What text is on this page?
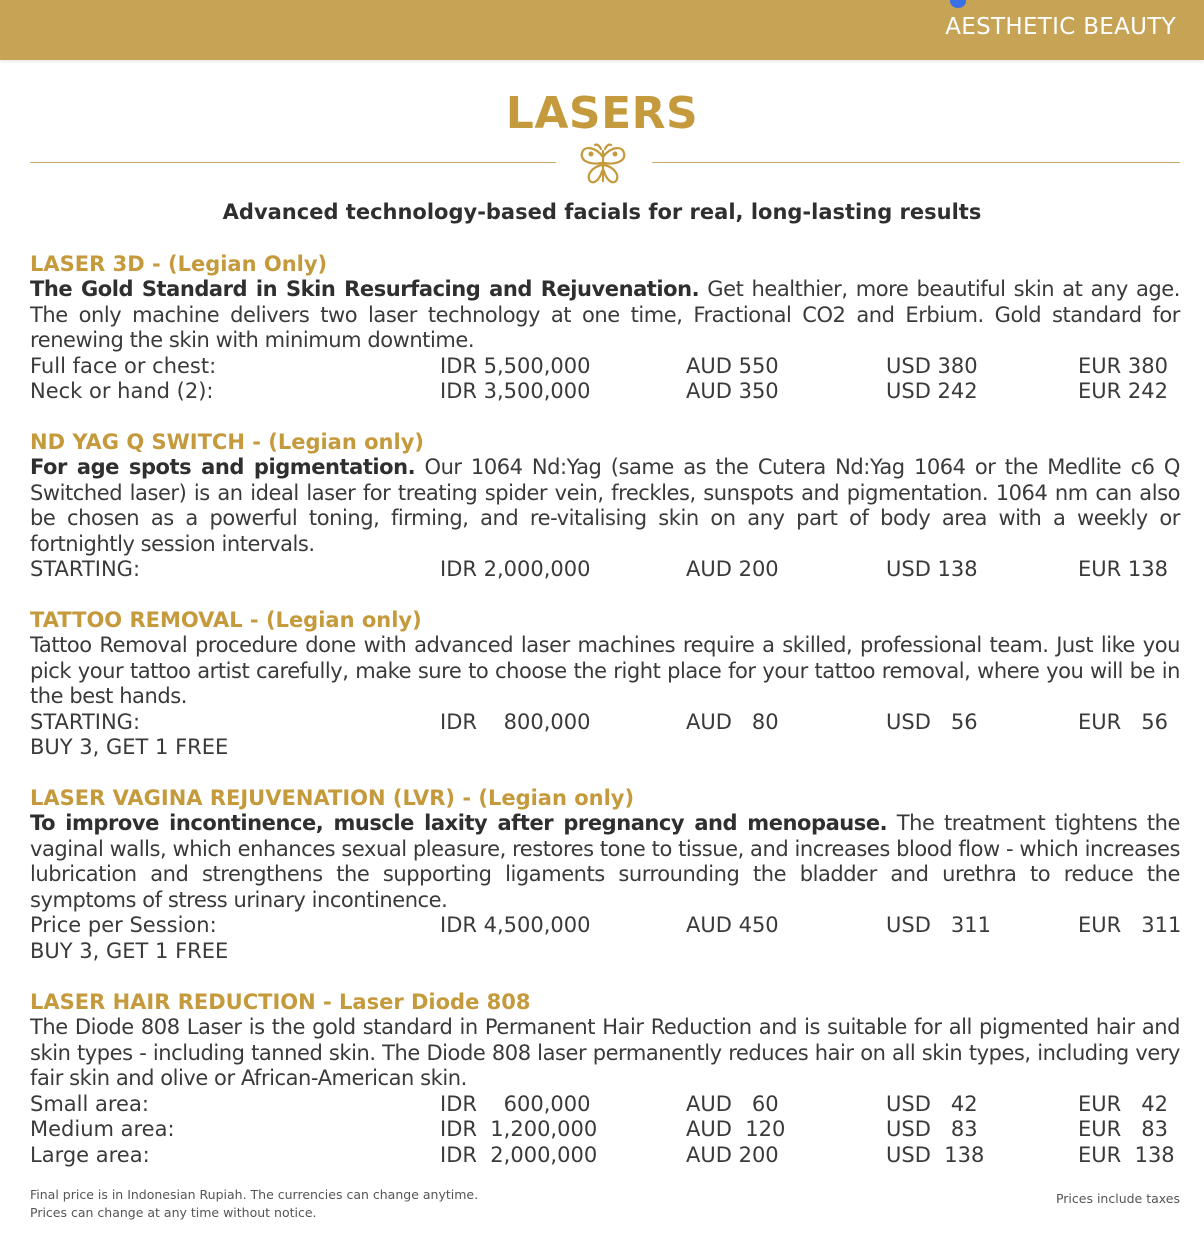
AESTHETIC BEAUTY
LASERS
Advanced technology-based facials for real, long-lasting results
LASER 3D - (Legian Only)
The Gold Standard in Skin Resurfacing and Rejuvenation. Get healthier, more beautiful skin at any age. The only machine delivers two laser technology at one time, Fractional CO2 and Erbium. Gold standard for renewing the skin with minimum downtime.
Full face or chest:	IDR 5,500,000	AUD 550	USD 380	EUR 380
Neck or hand (2):	IDR 3,500,000	AUD 350	USD 242	EUR 242
ND YAG Q SWITCH - (Legian only)
For age spots and pigmentation. Our 1064 Nd:Yag (same as the Cutera Nd:Yag 1064 or the Medlite c6 Q Switched laser) is an ideal laser for treating spider vein, freckles, sunspots and pigmentation. 1064 nm can also be chosen as a powerful toning, firming, and re-vitalising skin on any part of body area with a weekly or fortnightly session intervals.
STARTING:	IDR 2,000,000	AUD 200	USD 138	EUR 138
TATTOO REMOVAL - (Legian only)
Tattoo Removal procedure done with advanced laser machines require a skilled, professional team. Just like you pick your tattoo artist carefully, make sure to choose the right place for your tattoo removal, where you will be in the best hands.
STARTING:	IDR    800,000	AUD   80	USD   56	EUR   56
BUY 3, GET 1 FREE
LASER VAGINA REJUVENATION (LVR) - (Legian only)
To improve incontinence, muscle laxity after pregnancy and menopause. The treatment tightens the vaginal walls, which enhances sexual pleasure, restores tone to tissue, and increases blood flow - which increases lubrication and strengthens the supporting ligaments surrounding the bladder and urethra to reduce the symptoms of stress urinary incontinence.
Price per Session:	IDR 4,500,000	AUD 450	USD   311	EUR   311
BUY 3, GET 1 FREE
LASER HAIR REDUCTION - Laser Diode 808
The Diode 808 Laser is the gold standard in Permanent Hair Reduction and is suitable for all pigmented hair and skin types - including tanned skin. The Diode 808 laser permanently reduces hair on all skin types, including very fair skin and olive or African-American skin.
Small area:	IDR    600,000	AUD   60	USD   42	EUR   42
Medium area:	IDR  1,200,000	AUD  120	USD   83	EUR   83
Large area:	IDR  2,000,000	AUD 200	USD  138	EUR  138
Final price is in Indonesian Rupiah. The currencies can change anytime.
Prices can change at any time without notice.
Prices include taxes
